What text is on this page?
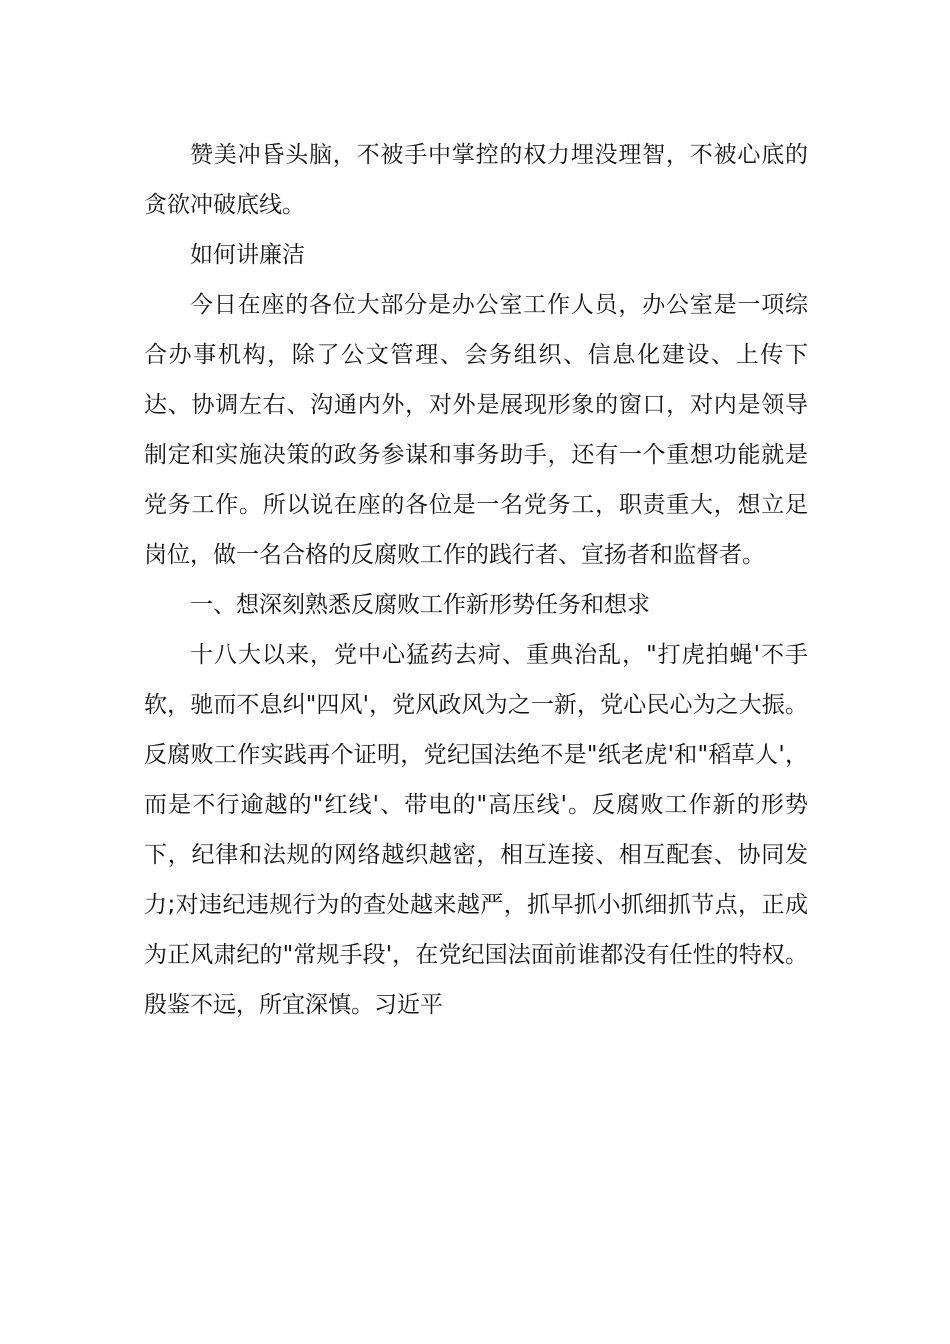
赞美冲昏头脑，不被手中掌控的权力埋没理智，不被心底的贪欲冲破底线。

如何讲廉洁

今日在座的各位大部分是办公室工作人员，办公室是一项综合办事机构，除了公文管理、会务组织、信息化建设、上传下达、协调左右、沟通内外，对外是展现形象的窗口，对内是领导制定和实施决策的政务参谋和事务助手，还有一个重想功能就是党务工作。所以说在座的各位是一名党务工，职责重大，想立足岗位，做一名合格的反腐败工作的践行者、宣扬者和监督者。

一、想深刻熟悉反腐败工作新形势任务和想求

十八大以来，党中心猛药去疴、重典治乱，"打虎拍蝇'不手软，驰而不息纠"四风'，党风政风为之一新，党心民心为之大振。反腐败工作实践再个证明，党纪国法绝不是"纸老虎'和"稻草人'，而是不行逾越的"红线'、带电的"高压线'。反腐败工作新的形势下，纪律和法规的网络越织越密，相互连接、相互配套、协同发力;对违纪违规行为的查处越来越严，抓早抓小抓细抓节点，正成为正风肃纪的"常规手段'，在党纪国法面前谁都没有任性的特权。殷鉴不远，所宜深慎。习近平
